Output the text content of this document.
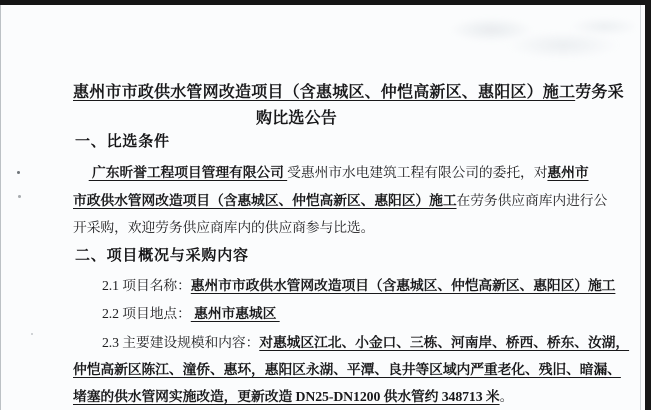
惠州市市政供水管网改造项目（含惠城区、仲恺高新区、惠阳区）施工劳务采
购比选公告
一、比选条件
　 广东昕誉工程项目管理有限公司 受惠州市水电建筑工程有限公司的委托，对惠州市
市政供水管网改造项目（含惠城区、仲恺高新区、惠阳区）施工在劳务供应商库内进行公
开采购，欢迎劳务供应商库内的供应商参与比选。
二、项目概况与采购内容
2.1 项目名称：惠州市市政供水管网改造项目（含惠城区、仲恺高新区、惠阳区）施工
2.2 项目地点： 惠州市惠城区
2.3 主要建设规模和内容：对惠城区江北、小金口、三栋、河南岸、桥西、桥东、汝湖，
仲恺高新区陈江、潼侨、惠环，惠阳区永湖、平潭、良井等区域内严重老化、残旧、暗漏、
堵塞的供水管网实施改造，更新改造 DN25-DN1200 供水管约 348713 米。
